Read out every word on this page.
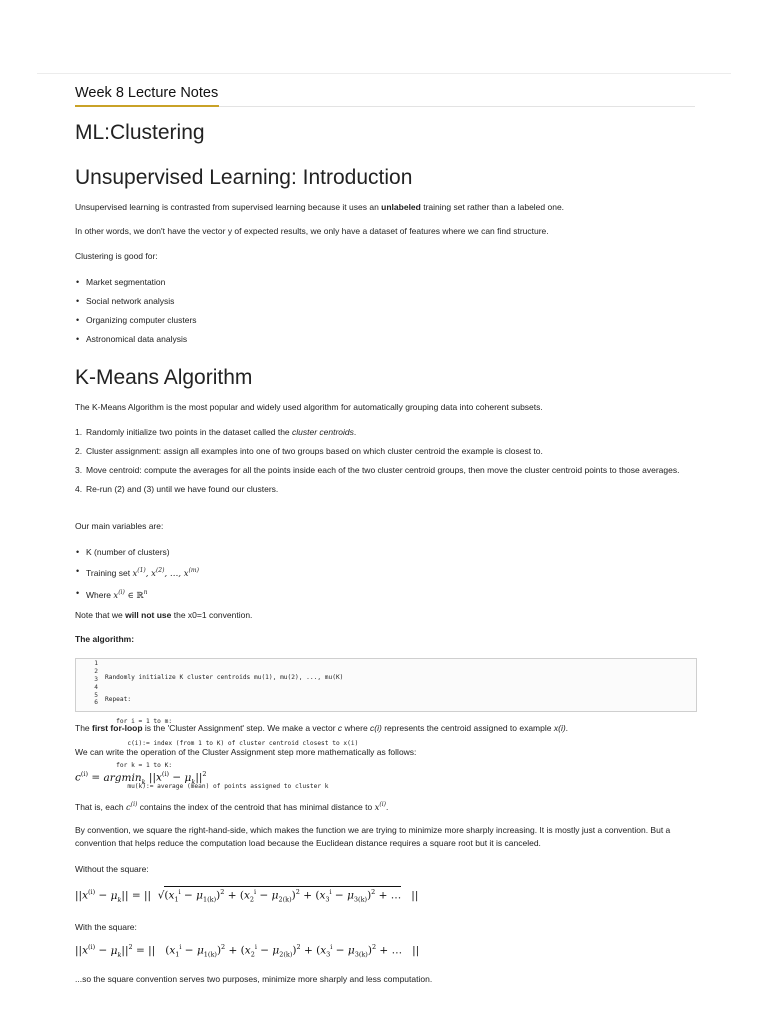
Week 8 Lecture Notes
ML:Clustering
Unsupervised Learning: Introduction

Unsupervised learning is contrasted from supervised learning because it uses an unlabeled training set rather than a labeled one.

In other words, we don't have the vector y of expected results, we only have a dataset of features where we can find structure.

Clustering is good for:

• Market segmentation
• Social network analysis
• Organizing computer clusters
• Astronomical data analysis
K-Means Algorithm

The K-Means Algorithm is the most popular and widely used algorithm for automatically grouping data into coherent subsets.

1. Randomly initialize two points in the dataset called the cluster centroids.
2. Cluster assignment: assign all examples into one of two groups based on which cluster centroid the example is closest to.
3. Move centroid: compute the averages for all the points inside each of the two cluster centroid groups, then move the cluster centroid points to those averages.
4. Re-run (2) and (3) until we have found our clusters.

Our main variables are:

• K (number of clusters)
• Training set $x^{(1)}$, $x^{(2)}$, …, $x^{(m)}$
• Where $x^{(i)}$ ∈ ℝ$^n$

Note that we will not use the x0=1 convention.

The algorithm:

1
2
3
4
5
6

Randomly initialize K cluster centroids mu(1), mu(2), ..., mu(K)

Repeat:

for i = 1 to m:

c(i):= index (from 1 to K) of cluster centroid closest to x(i)

for k = 1 to K:

mu(k):= average (mean) of points assigned to cluster k

The first for-loop is the 'Cluster Assignment' step. We make a vector c where c(i) represents the centroid assigned to example x(i).

We can write the operation of the Cluster Assignment step more mathematically as follows:

$c^{(i)} = argmin_k$ $||x^{(i)} - \mu_k||^2$

That is, each $c^{(i)}$ contains the index of the centroid that has minimal distance to $x^{(i)}$.

By convention, we square the right-hand-side, which makes the function we are trying to minimize more sharply increasing. It is mostly just a convention. But a convention that helps reduce the computation load because the Euclidean distance requires a square root but it is canceled.

Without the square:

$||x^{(i)} - \mu_k||$ = ||  $√(x_1^i - \mu_{1(k)})^2 + (x_2^i - \mu_{2(k)})^2 + (x_3^i - \mu_{3(k)})^2$ + …   ||

With the square:

$||x^{(i)} - \mu_k||^2$ = ||   $(x_1^i - \mu_{1(k)})^2 + (x_2^i - \mu_{2(k)})^2 + (x_3^i - \mu_{3(k)})^2$ + …   ||

...so the square convention serves two purposes, minimize more sharply and less computation.
